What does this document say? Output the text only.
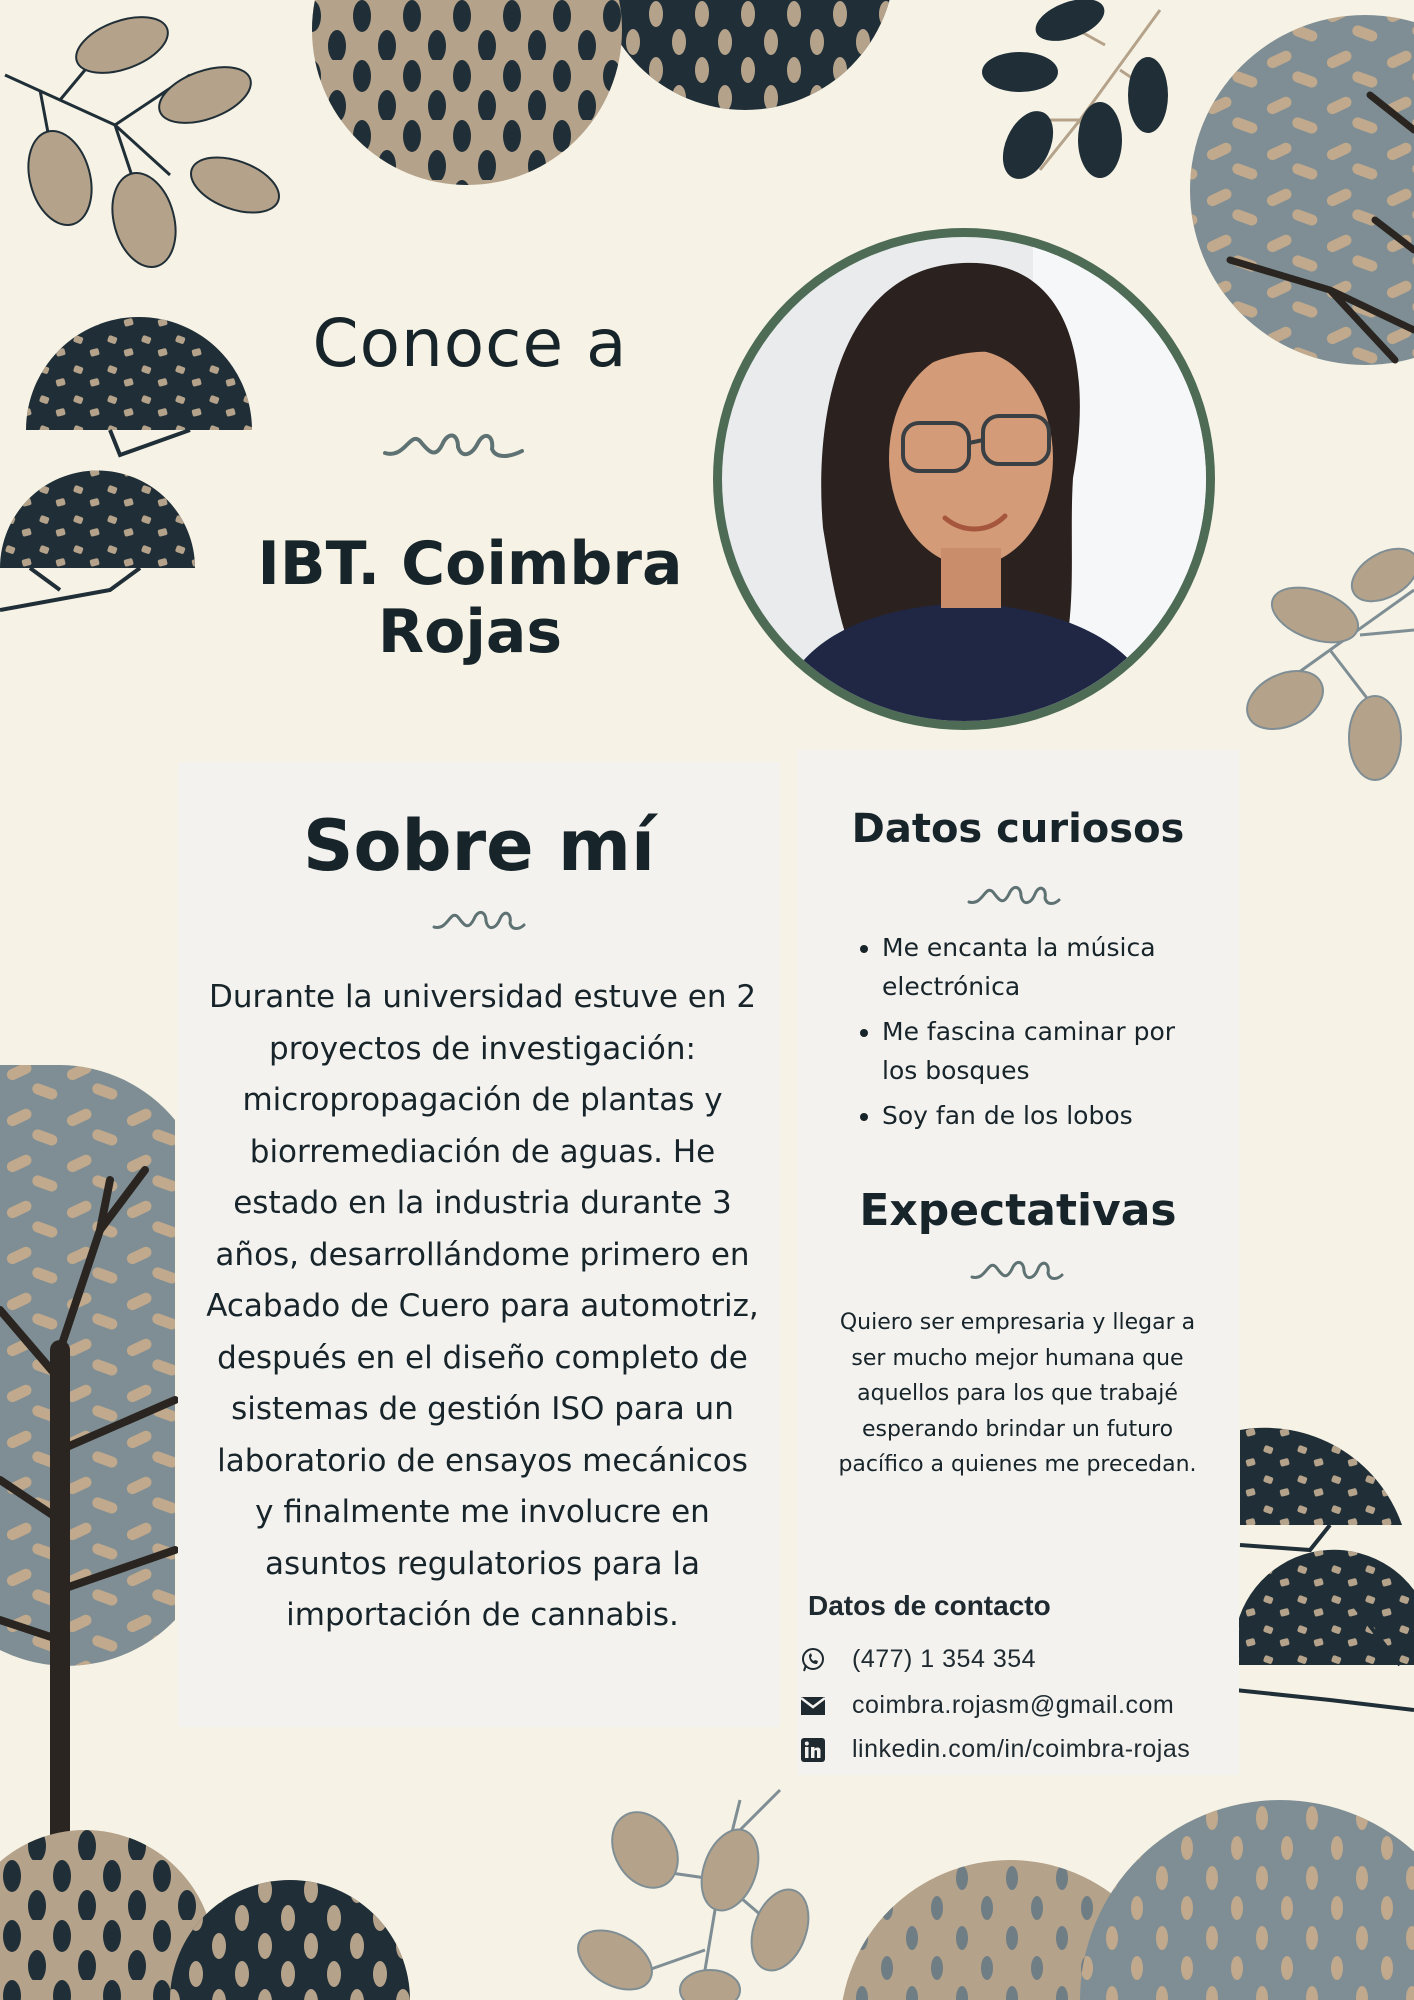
Conoce a
IBT. Coimbra Rojas
Sobre mí
Durante la universidad estuve en 2 proyectos de investigación: micropropagación de plantas y biorremediación de aguas. He estado en la industria durante 3 años, desarrollándome primero en Acabado de Cuero para automotriz, después en el diseño completo de sistemas de gestión ISO para un laboratorio de ensayos mecánicos y finalmente me involucre en asuntos regulatorios para la importación de cannabis.
Datos curiosos
• Me encanta la música electrónica
• Me fascina caminar por los bosques
• Soy fan de los lobos
Expectativas
Quiero ser empresaria y llegar a ser mucho mejor humana que aquellos para los que trabajé esperando brindar un futuro pacífico a quienes me precedan.
Datos de contacto
(477) 1 354 354
coimbra.rojasm@gmail.com
linkedin.com/in/coimbra-rojas
